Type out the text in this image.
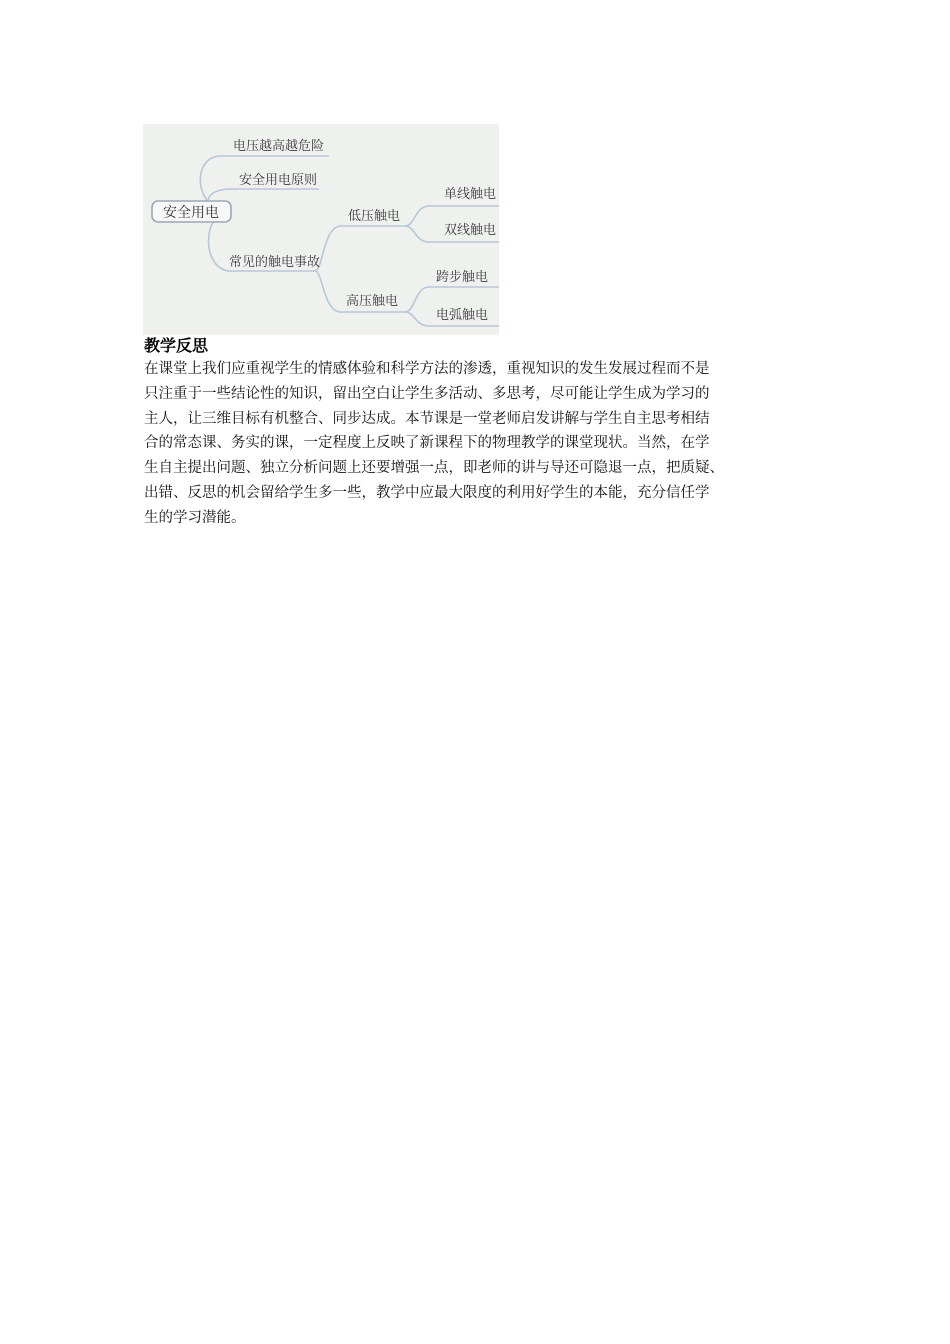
安全用电
电压越高越危险
安全用电原则
常见的触电事故
低压触电
高压触电
单线触电
双线触电
跨步触电
电弧触电
教学反思
在课堂上我们应重视学生的情感体验和科学方法的渗透，重视知识的发生发展过程而不是
只注重于一些结论性的知识，留出空白让学生多活动、多思考，尽可能让学生成为学习的
主人，让三维目标有机整合、同步达成。本节课是一堂老师启发讲解与学生自主思考相结
合的常态课、务实的课，一定程度上反映了新课程下的物理教学的课堂现状。当然，在学
生自主提出问题、独立分析问题上还要增强一点，即老师的讲与导还可隐退一点，把质疑、
出错、反思的机会留给学生多一些，教学中应最大限度的利用好学生的本能，充分信任学
生的学习潜能。
